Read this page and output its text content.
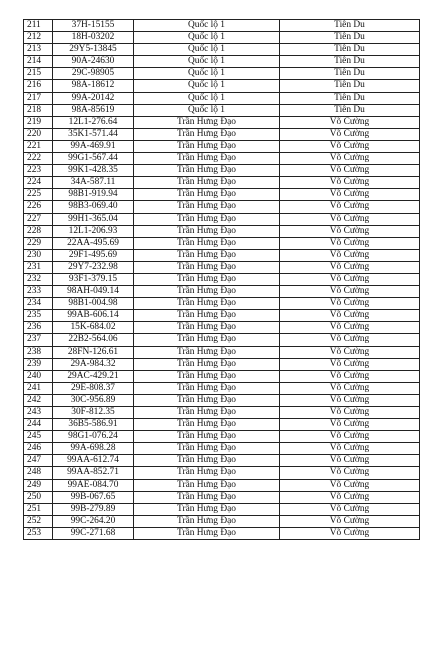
211	37H-15155	Quốc lộ 1	Tiên Du
212	18H-03202	Quốc lộ 1	Tiên Du
213	29Y5-13845	Quốc lộ 1	Tiên Du
214	90A-24630	Quốc lộ 1	Tiên Du
215	29C-98905	Quốc lộ 1	Tiên Du
216	98A-18612	Quốc lộ 1	Tiên Du
217	99A-20142	Quốc lộ 1	Tiên Du
218	98A-85619	Quốc lộ 1	Tiên Du
219	12L1-276.64	Trần Hưng Đạo	Võ Cường
220	35K1-571.44	Trần Hưng Đạo	Võ Cường
221	99A-469.91	Trần Hưng Đạo	Võ Cường
222	99G1-567.44	Trần Hưng Đạo	Võ Cường
223	99K1-428.35	Trần Hưng Đạo	Võ Cường
224	34A-587.11	Trần Hưng Đạo	Võ Cường
225	98B1-919.94	Trần Hưng Đạo	Võ Cường
226	98B3-069.40	Trần Hưng Đạo	Võ Cường
227	99H1-365.04	Trần Hưng Đạo	Võ Cường
228	12L1-206.93	Trần Hưng Đạo	Võ Cường
229	22AA-495.69	Trần Hưng Đạo	Võ Cường
230	29F1-495.69	Trần Hưng Đạo	Võ Cường
231	29Y7-232.98	Trần Hưng Đạo	Võ Cường
232	93F1-379.15	Trần Hưng Đạo	Võ Cường
233	98AH-049.14	Trần Hưng Đạo	Võ Cường
234	98B1-004.98	Trần Hưng Đạo	Võ Cường
235	99AB-606.14	Trần Hưng Đạo	Võ Cường
236	15K-684.02	Trần Hưng Đạo	Võ Cường
237	22B2-564.06	Trần Hưng Đạo	Võ Cường
238	28FN-126.61	Trần Hưng Đạo	Võ Cường
239	29A-984.32	Trần Hưng Đạo	Võ Cường
240	29AC-429.21	Trần Hưng Đạo	Võ Cường
241	29E-808.37	Trần Hưng Đạo	Võ Cường
242	30C-956.89	Trần Hưng Đạo	Võ Cường
243	30F-812.35	Trần Hưng Đạo	Võ Cường
244	36B5-586.91	Trần Hưng Đạo	Võ Cường
245	98G1-076.24	Trần Hưng Đạo	Võ Cường
246	99A-698.28	Trần Hưng Đạo	Võ Cường
247	99AA-612.74	Trần Hưng Đạo	Võ Cường
248	99AA-852.71	Trần Hưng Đạo	Võ Cường
249	99AE-084.70	Trần Hưng Đạo	Võ Cường
250	99B-067.65	Trần Hưng Đạo	Võ Cường
251	99B-279.89	Trần Hưng Đạo	Võ Cường
252	99C-264.20	Trần Hưng Đạo	Võ Cường
253	99C-271.68	Trần Hưng Đạo	Võ Cường
